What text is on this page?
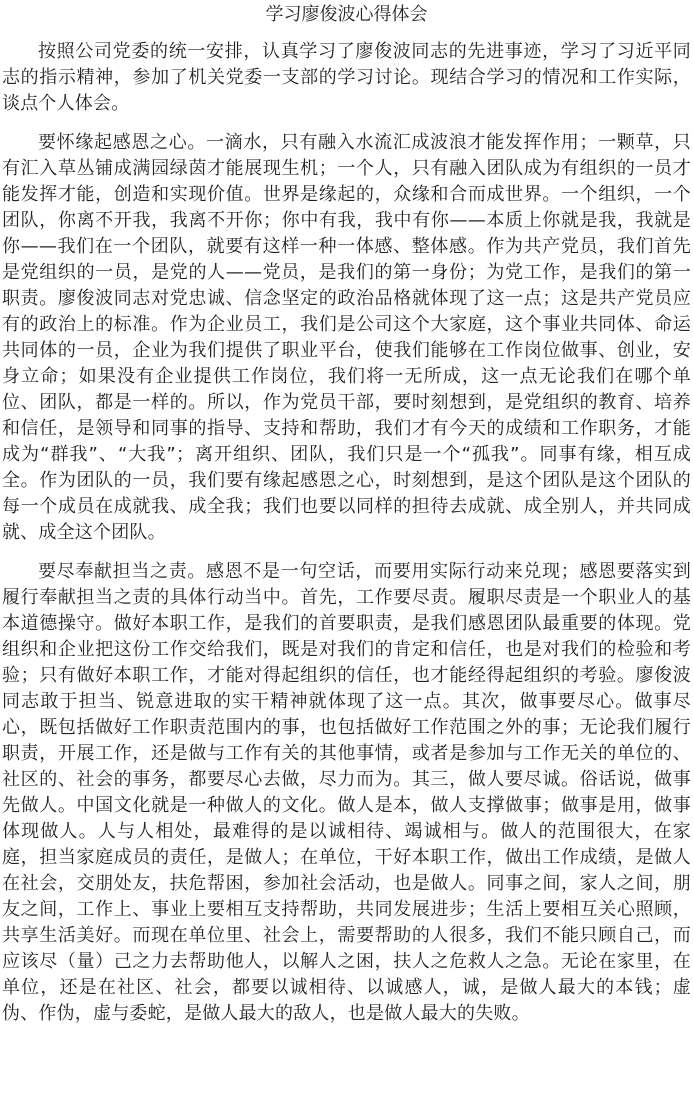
学习廖俊波心得体会

按照公司党委的统一安排，认真学习了廖俊波同志的先进事迹，学习了习近平同志的指示精神，参加了机关党委一支部的学习讨论。现结合学习的情况和工作实际，谈点个人体会。

要怀缘起感恩之心。一滴水，只有融入水流汇成波浪才能发挥作用；一颗草，只有汇入草丛铺成满园绿茵才能展现生机；一个人，只有融入团队成为有组织的一员才能发挥才能，创造和实现价值。世界是缘起的，众缘和合而成世界。一个组织，一个团队，你离不开我，我离不开你；你中有我，我中有你——本质上你就是我，我就是你——我们在一个团队，就要有这样一种一体感、整体感。作为共产党员，我们首先是党组织的一员，是党的人——党员，是我们的第一身份；为党工作，是我们的第一职责。廖俊波同志对党忠诚、信念坚定的政治品格就体现了这一点；这是共产党员应有的政治上的标准。作为企业员工，我们是公司这个大家庭，这个事业共同体、命运共同体的一员，企业为我们提供了职业平台，使我们能够在工作岗位做事、创业，安身立命；如果没有企业提供工作岗位，我们将一无所成，这一点无论我们在哪个单位、团队，都是一样的。所以，作为党员干部，要时刻想到，是党组织的教育、培养和信任，是领导和同事的指导、支持和帮助，我们才有今天的成绩和工作职务，才能成为“群我”、“大我”；离开组织、团队，我们只是一个“孤我”。同事有缘，相互成全。作为团队的一员，我们要有缘起感恩之心，时刻想到，是这个团队是这个团队的每一个成员在成就我、成全我；我们也要以同样的担待去成就、成全别人，并共同成就、成全这个团队。

要尽奉献担当之责。感恩不是一句空话，而要用实际行动来兑现；感恩要落实到履行奉献担当之责的具体行动当中。首先，工作要尽责。履职尽责是一个职业人的基本道德操守。做好本职工作，是我们的首要职责，是我们感恩团队最重要的体现。党组织和企业把这份工作交给我们，既是对我们的肯定和信任，也是对我们的检验和考验；只有做好本职工作，才能对得起组织的信任，也才能经得起组织的考验。廖俊波同志敢于担当、锐意进取的实干精神就体现了这一点。其次，做事要尽心。做事尽心，既包括做好工作职责范围内的事，也包括做好工作范围之外的事；无论我们履行职责，开展工作，还是做与工作有关的其他事情，或者是参加与工作无关的单位的、社区的、社会的事务，都要尽心去做，尽力而为。其三，做人要尽诚。俗话说，做事先做人。中国文化就是一种做人的文化。做人是本，做人支撑做事；做事是用，做事体现做人。人与人相处，最难得的是以诚相待、竭诚相与。做人的范围很大，在家庭，担当家庭成员的责任，是做人；在单位，干好本职工作，做出工作成绩，是做人在社会，交朋处友，扶危帮困，参加社会活动，也是做人。同事之间，家人之间，朋友之间，工作上、事业上要相互支持帮助，共同发展进步；生活上要相互关心照顾，共享生活美好。而现在单位里、社会上，需要帮助的人很多，我们不能只顾自己，而应该尽（量）己之力去帮助他人，以解人之困，扶人之危救人之急。无论在家里，在单位，还是在社区、社会，都要以诚相待、以诚感人，诚，是做人最大的本钱；虚伪、作伪，虚与委蛇，是做人最大的敌人，也是做人最大的失败。
